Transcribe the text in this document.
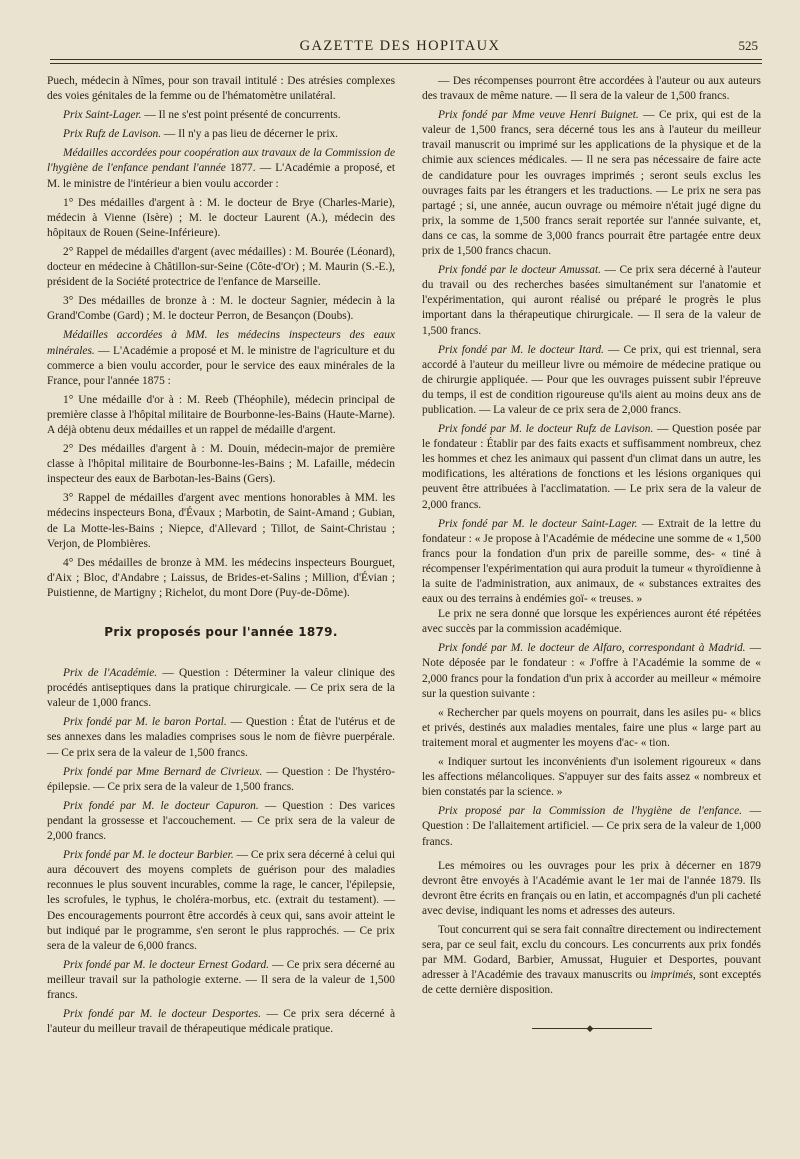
GAZETTE DES HOPITAUX	525

Puech, médecin à Nîmes, pour son travail intitulé : Des atrésies complexes des voies génitales de la femme ou de l'hématomètre unilatéral.

Prix Saint-Lager. — Il ne s'est point présenté de concurrents.

Prix Rufz de Lavison. — Il n'y a pas lieu de décerner le prix.

Médailles accordées pour coopération aux travaux de la Commission de l'hygiène de l'enfance pendant l'année 1877. — L'Académie a proposé, et M. le ministre de l'intérieur a bien voulu accorder :

1° Des médailles d'argent à : M. le docteur de Brye (Charles-Marie), médecin à Vienne (Isère) ; M. le docteur Laurent (A.), médecin des hôpitaux de Rouen (Seine-Inférieure).

2° Rappel de médailles d'argent (avec médailles) : M. Bourée (Léonard), docteur en médecine à Châtillon-sur-Seine (Côte-d'Or) ; M. Maurin (S.-E.), président de la Société protectrice de l'enfance de Marseille.

3° Des médailles de bronze à : M. le docteur Sagnier, médecin à la Grand'Combe (Gard) ; M. le docteur Perron, de Besançon (Doubs).

Médailles accordées à MM. les médecins inspecteurs des eaux minérales. — L'Académie a proposé et M. le ministre de l'agriculture et du commerce a bien voulu accorder, pour le service des eaux minérales de la France, pour l'année 1875 :

1° Une médaille d'or à : M. Reeb (Théophile), médecin principal de première classe à l'hôpital militaire de Bourbonne-les-Bains (Haute-Marne). A déjà obtenu deux médailles et un rappel de médaille d'argent.

2° Des médailles d'argent à : M. Douin, médecin-major de première classe à l'hôpital militaire de Bourbonne-les-Bains ; M. Lafaille, médecin inspecteur des eaux de Barbotan-les-Bains (Gers).

3° Rappel de médailles d'argent avec mentions honorables à MM. les médecins inspecteurs Bona, d'Évaux ; Marbotin, de Saint-Amand ; Gubian, de La Motte-les-Bains ; Niepce, d'Allevard ; Tillot, de Saint-Christau ; Verjon, de Plombières.

4° Des médailles de bronze à MM. les médecins inspecteurs Bourguet, d'Aix ; Bloc, d'Andabre ; Laissus, de Brides-et-Salins ; Million, d'Évian ; Puistienne, de Martigny ; Richelot, du mont Dore (Puy-de-Dôme).

Prix proposés pour l'année 1879.

Prix de l'Académie. — Question : Déterminer la valeur clinique des procédés antiseptiques dans la pratique chirurgicale. — Ce prix sera de la valeur de 1,000 francs.

Prix fondé par M. le baron Portal. — Question : État de l'utérus et de ses annexes dans les maladies comprises sous le nom de fièvre puerpérale. — Ce prix sera de la valeur de 1,500 francs.

Prix fondé par Mme Bernard de Civrieux. — Question : De l'hystéro-épilepsie. — Ce prix sera de la valeur de 1,500 francs.

Prix fondé par M. le docteur Capuron. — Question : Des varices pendant la grossesse et l'accouchement. — Ce prix sera de la valeur de 2,000 francs.

Prix fondé par M. le docteur Barbier. — Ce prix sera décerné à celui qui aura découvert des moyens complets de guérison pour des maladies reconnues le plus souvent incurables, comme la rage, le cancer, l'épilepsie, les scrofules, le typhus, le choléra-morbus, etc. (extrait du testament). — Des encouragements pourront être accordés à ceux qui, sans avoir atteint le but indiqué par le programme, s'en seront le plus rapprochés. — Ce prix sera de la valeur de 6,000 francs.

Prix fondé par M. le docteur Ernest Godard. — Ce prix sera décerné au meilleur travail sur la pathologie externe. — Il sera de la valeur de 1,500 francs.

Prix fondé par M. le docteur Desportes. — Ce prix sera décerné à l'auteur du meilleur travail de thérapeutique médicale pratique.

— Des récompenses pourront être accordées à l'auteur ou aux auteurs des travaux de même nature. — Il sera de la valeur de 1,500 francs.

Prix fondé par Mme veuve Henri Buignet. — Ce prix, qui est de la valeur de 1,500 francs, sera décerné tous les ans à l'auteur du meilleur travail manuscrit ou imprimé sur les applications de la physique et de la chimie aux sciences médicales. — Il ne sera pas nécessaire de faire acte de candidature pour les ouvrages imprimés ; seront seuls exclus les ouvrages faits par les étrangers et les traductions. — Le prix ne sera pas partagé ; si, une année, aucun ouvrage ou mémoire n'était jugé digne du prix, la somme de 1,500 francs serait reportée sur l'année suivante, et, dans ce cas, la somme de 3,000 francs pourrait être partagée entre deux prix de 1,500 francs chacun.

Prix fondé par le docteur Amussat. — Ce prix sera décerné à l'auteur du travail ou des recherches basées simultanément sur l'anatomie et l'expérimentation, qui auront réalisé ou préparé le progrès le plus important dans la thérapeutique chirurgicale. — Il sera de la valeur de 1,500 francs.

Prix fondé par M. le docteur Itard. — Ce prix, qui est triennal, sera accordé à l'auteur du meilleur livre ou mémoire de médecine pratique ou de chirurgie appliquée. — Pour que les ouvrages puissent subir l'épreuve du temps, il est de condition rigoureuse qu'ils aient au moins deux ans de publication. — La valeur de ce prix sera de 2,000 francs.

Prix fondé par M. le docteur Rufz de Lavison. — Question posée par le fondateur : Établir par des faits exacts et suffisamment nombreux, chez les hommes et chez les animaux qui passent d'un climat dans un autre, les modifications, les altérations de fonctions et les lésions organiques qui peuvent être attribuées à l'acclimatation. — Le prix sera de la valeur de 2,000 francs.

Prix fondé par M. le docteur Saint-Lager. — Extrait de la lettre du fondateur : « Je propose à l'Académie de médecine une somme de « 1,500 francs pour la fondation d'un prix de pareille somme, des- « tiné à récompenser l'expérimentation qui aura produit la tumeur « thyroïdienne à la suite de l'administration, aux animaux, de « substances extraites des eaux ou des terrains à endémies goï- « treuses. »

Le prix ne sera donné que lorsque les expériences auront été répétées avec succès par la commission académique.

Prix fondé par M. le docteur de Alfaro, correspondant à Madrid. — Note déposée par le fondateur : « J'offre à l'Académie la somme de « 2,000 francs pour la fondation d'un prix à accorder au meilleur « mémoire sur la question suivante :

« Rechercher par quels moyens on pourrait, dans les asiles pu- « blics et privés, destinés aux maladies mentales, faire une plus « large part au traitement moral et augmenter les moyens d'ac- « tion.

« Indiquer surtout les inconvénients d'un isolement rigoureux « dans les affections mélancoliques. S'appuyer sur des faits assez « nombreux et bien constatés par la science. »

Prix proposé par la Commission de l'hygiène de l'enfance. — Question : De l'allaitement artificiel. — Ce prix sera de la valeur de 1,000 francs.

Les mémoires ou les ouvrages pour les prix à décerner en 1879 devront être envoyés à l'Académie avant le 1er mai de l'année 1879. Ils devront être écrits en français ou en latin, et accompagnés d'un pli cacheté avec devise, indiquant les noms et adresses des auteurs.

Tout concurrent qui se sera fait connaître directement ou indirectement sera, par ce seul fait, exclu du concours. Les concurrents aux prix fondés par MM. Godard, Barbier, Amussat, Huguier et Desportes, pouvant adresser à l'Académie des travaux manuscrits ou imprimés, sont exceptés de cette dernière disposition.

◆
